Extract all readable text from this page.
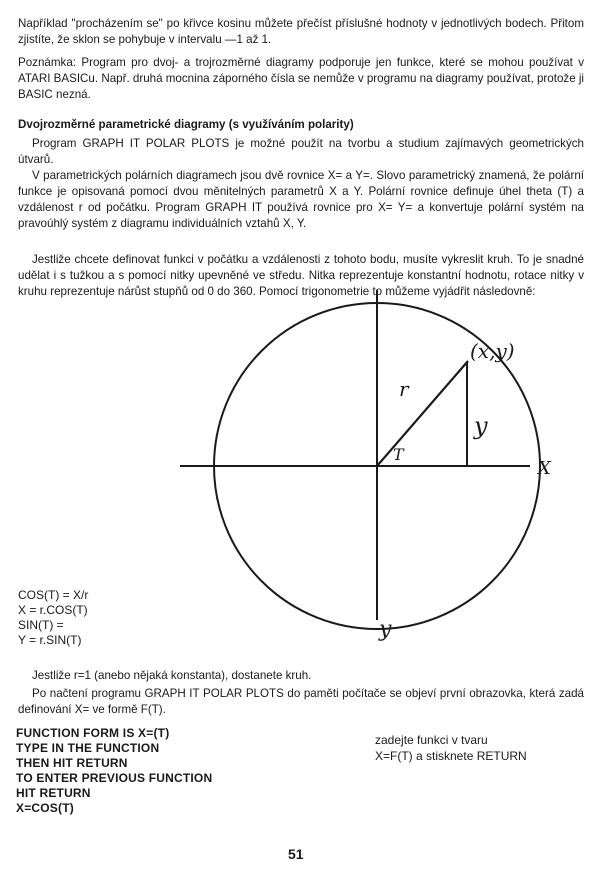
Například "procházením se" po křivce kosinu můžete přečíst příslušné hodnoty v jednotlivých bodech. Přitom zjistíte, že sklon se pohybuje v intervalu —1 až 1.

Poznámka: Program pro dvoj- a trojrozměrné diagramy podporuje jen funkce, které se mohou používat v ATARI BASICu. Např. druhá mocnina záporného čísla se nemůže v programu na diagramy používat, protože ji BASIC nezná.

Dvojrozměrné parametrické diagramy (s využíváním polarity)

Program GRAPH IT POLAR PLOTS je možné použít na tvorbu a studium zajímavých geometrických útvarů.

V parametrických polárních diagramech jsou dvě rovnice X= a Y=. Slovo parametrický znamená, že polární funkce je opisovaná pomocí dvou měnitelných parametrů X a Y. Polární rovnice definuje úhel theta (T) a vzdálenost r od počátku. Program GRAPH IT používá rovnice pro X= Y= a konvertuje polární systém na pravoúhlý systém z diagramu individuálních vztahů X, Y.

Jestliže chcete definovat funkci v počátku a vzdálenosti z tohoto bodu, musíte vykreslit kruh. To je snadné udělat i s tužkou a s pomocí nitky upevněné ve středu. Nitka reprezentuje konstantní hodnotu, rotace nitky v kruhu reprezentuje nárůst stupňů od 0 do 360. Pomocí trigonometrie to můžeme vyjádřit následovně:

(x,y)
r
y
T
X
y
COS(T) = X/r
X = r.COS(T)
SIN(T) =
Y = r.SIN(T)

Jestliže r=1 (anebo nějaká konstanta), dostanete kruh.

Po načtení programu GRAPH IT POLAR PLOTS do paměti počítače se objeví první obrazovka, která zadá definování X= ve formě F(T).

FUNCTION FORM IS X=(T)
TYPE IN THE FUNCTION
THEN HIT RETURN
TO ENTER PREVIOUS FUNCTION
HIT RETURN
X=COS(T)
zadejte funkci v tvaru
X=F(T) a stisknete RETURN
51
